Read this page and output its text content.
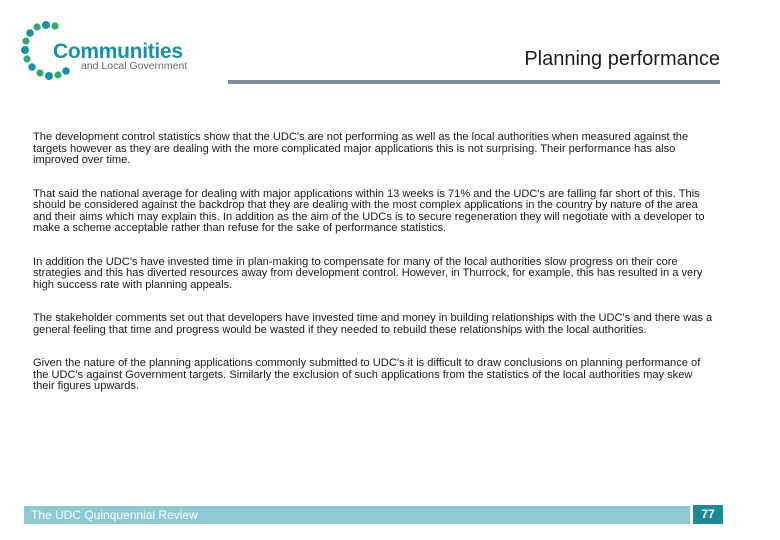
Communities
and Local Government	Planning performance

The development control statistics show that the UDC's are not performing as well as the local authorities when measured against the targets however as they are dealing with the more complicated major applications this is not surprising. Their performance has also improved over time.

That said the national average for dealing with major applications within 13 weeks is 71% and the UDC's are falling far short of this. This should be considered against the backdrop that they are dealing with the most complex applications in the country by nature of the area and their aims which may explain this. In addition as the aim of the UDCs is to secure regeneration they will negotiate with a developer to make a scheme acceptable rather than refuse for the sake of performance statistics.

In addition the UDC's have invested time in plan-making to compensate for many of the local authorities slow progress on their core strategies and this has diverted resources away from development control. However, in Thurrock, for example, this has resulted in a very high success rate with planning appeals.

The stakeholder comments set out that developers have invested time and money in building relationships with the UDC's and there was a general feeling that time and progress would be wasted if they needed to rebuild these relationships with the local authorities.

Given the nature of the planning applications commonly submitted to UDC's it is difficult to draw conclusions on planning performance of the UDC's against Government targets. Similarly the exclusion of such applications from the statistics of the local authorities may skew their figures upwards.

The UDC Quinquennial Review	77
